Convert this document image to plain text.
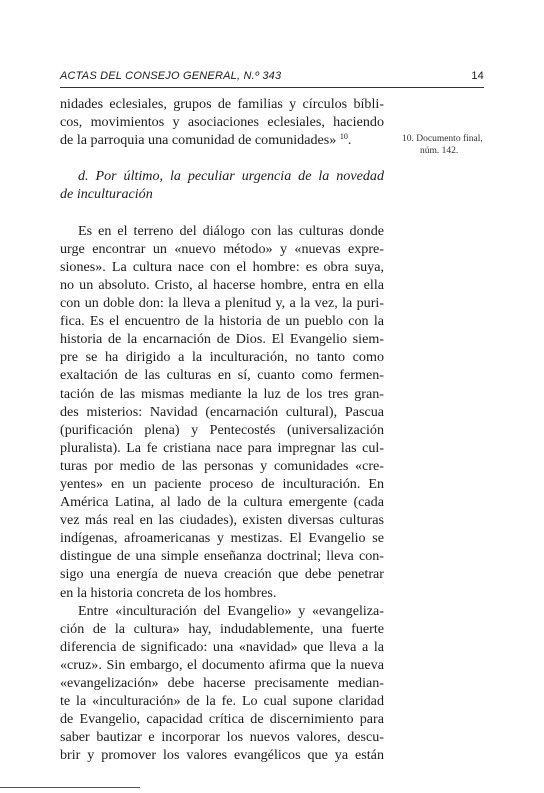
ACTAS DEL CONSEJO GENERAL, N.º 343	14
nidades eclesiales, grupos de familias y círculos bíbli-
cos, movimientos y asociaciones eclesiales, haciendo
de la parroquia una comunidad de comunidades» $^{10}$.
d. Por último, la peculiar urgencia de la novedad
de inculturación
Es en el terreno del diálogo con las culturas donde
urge encontrar un «nuevo método» y «nuevas expre-
siones». La cultura nace con el hombre: es obra suya,
no un absoluto. Cristo, al hacerse hombre, entra en ella
con un doble don: la lleva a plenitud y, a la vez, la puri-
fica. Es el encuentro de la historia de un pueblo con la
historia de la encarnación de Dios. El Evangelio siem-
pre se ha dirigido a la inculturación, no tanto como
exaltación de las culturas en sí, cuanto como fermen-
tación de las mismas mediante la luz de los tres gran-
des misterios: Navidad (encarnación cultural), Pascua
(purificación plena) y Pentecostés (universalización
pluralista). La fe cristiana nace para impregnar las cul-
turas por medio de las personas y comunidades «cre-
yentes» en un paciente proceso de inculturación. En
América Latina, al lado de la cultura emergente (cada
vez más real en las ciudades), existen diversas culturas
indígenas, afroamericanas y mestizas. El Evangelio se
distingue de una simple enseñanza doctrinal; lleva con-
sigo una energía de nueva creación que debe penetrar
en la historia concreta de los hombres.
Entre «inculturación del Evangelio» y «evangeliza-
ción de la cultura» hay, indudablemente, una fuerte
diferencia de significado: una «navidad» que lleva a la
«cruz». Sin embargo, el documento afirma que la nueva
«evangelización» debe hacerse precisamente median-
te la «inculturación» de la fe. Lo cual supone claridad
de Evangelio, capacidad crítica de discernimiento para
saber bautizar e incorporar los nuevos valores, descu-
brir y promover los valores evangélicos que ya están
10. Documento final,
núm. 142.
